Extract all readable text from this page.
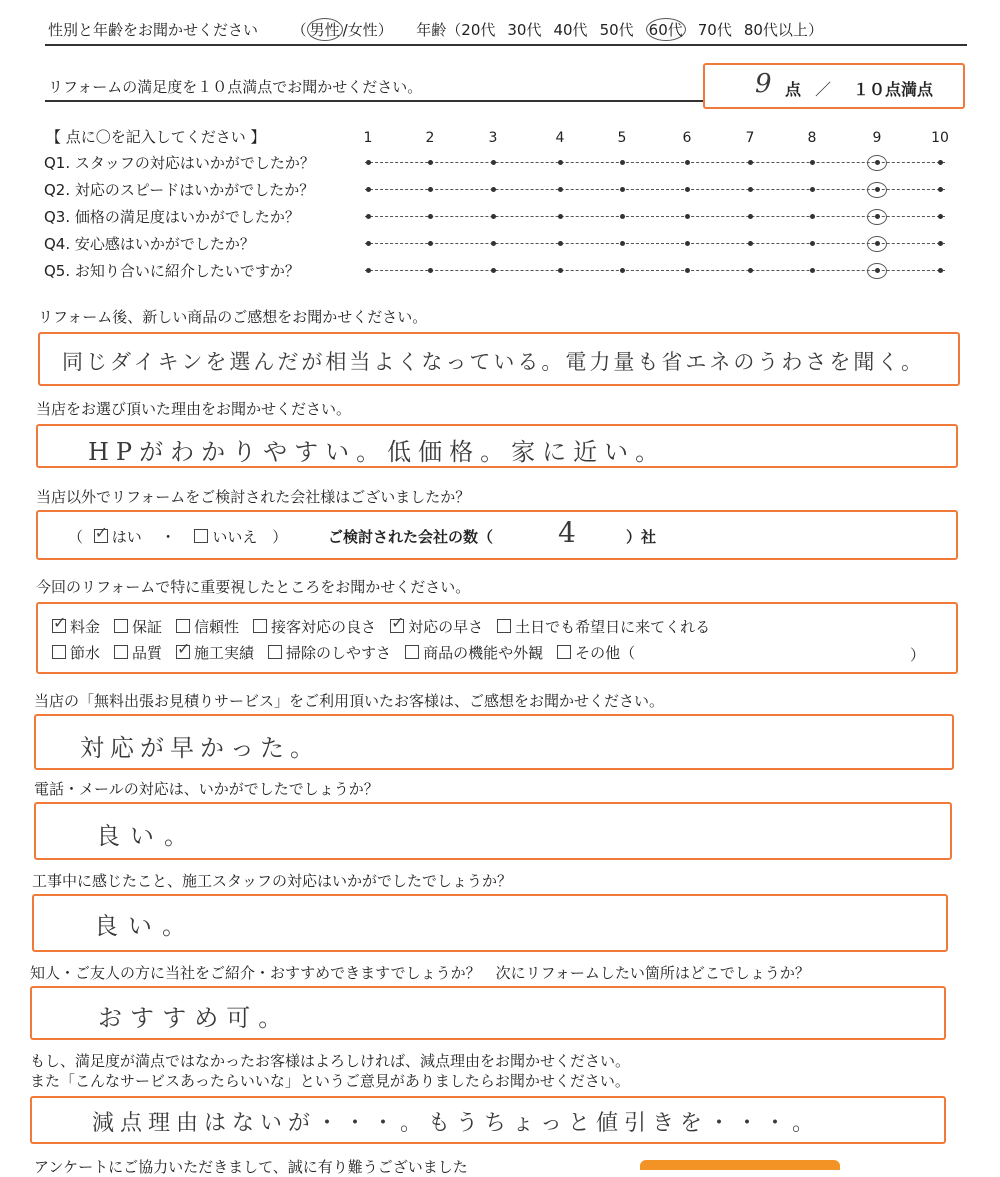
性別と年齢をお聞かせください （ 男性 /女性） 年齢（20代 30代 40代 50代 60代 70代 80代以上）
リフォームの満足度を１０点満点でお聞かせください。	9 点 ／ １０点満点
【 点に〇を記入してください 】	1	2	3	4	5	6	7	8	9	10
Q1. スタッフの対応はいかがでしたか？
Q2. 対応のスピードはいかがでしたか？
Q3. 価格の満足度はいかがでしたか？
Q4. 安心感はいかがでしたか？
Q5. お知り合いに紹介したいですか？
リフォーム後、新しい商品のご感想をお聞かせください。
同じダイキンを選んだが相当よくなっている。電力量も省エネのうわさを聞く。
当店をお選び頂いた理由をお聞かせください。
HPがわかりやすい。低価格。家に近い。
当店以外でリフォームをご検討された会社様はございましたか？
（ ✓ はい ・ いいえ ）	ご検討された会社の数（ 4	）社
今回のリフォームで特に重要視したところをお聞かせください。
✓料金 保証 信頼性 接客対応の良さ ✓ 対応の早さ 土日でも希望日に来てくれる
節水 品質 ✓ 施工実績 掃除のしやすさ 商品の機能や外観 その他（	）
当店の「無料出張お見積りサービス」をご利用頂いたお客様は、ご感想をお聞かせください。
対応が早かった。
電話・メールの対応は、いかがでしたでしょうか？
良い。
工事中に感じたこと、施工スタッフの対応はいかがでしたでしょうか？
良い。
知人・ご友人の方に当社をご紹介・おすすめできますでしょうか？　次にリフォームしたい箇所はどこでしょうか？
おすすめ可。
もし、満足度が満点ではなかったお客様はよろしければ、減点理由をお聞かせください。
また「こんなサービスあったらいいな」というご意見がありましたらお聞かせください。
減点理由はないが・・・。もうちょっと値引きを・・・。
アンケートにご協力いただきまして、誠に有り難うございました
